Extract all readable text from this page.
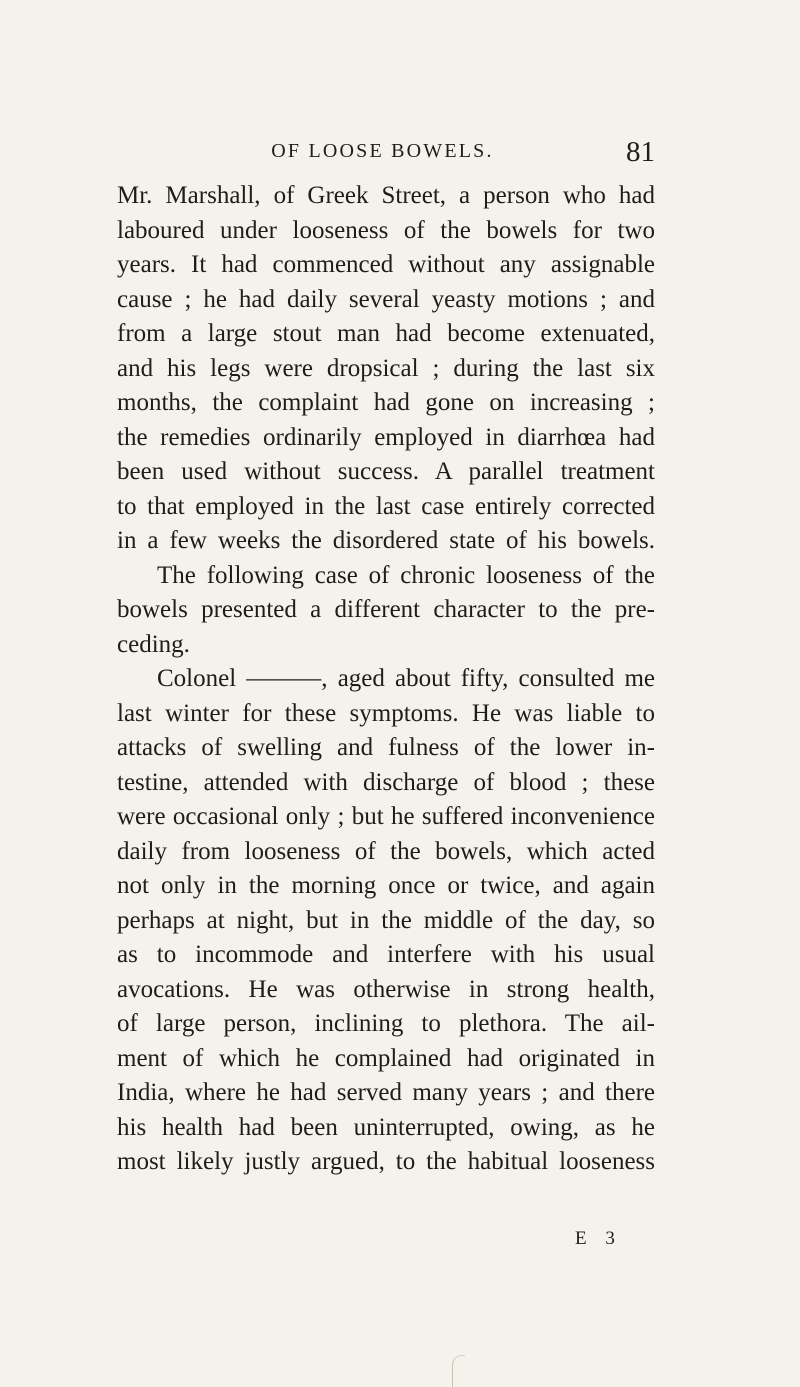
OF LOOSE BOWELS.	81
Mr. Marshall, of Greek Street, a person who had
laboured under looseness of the bowels for two
years. It had commenced without any assignable
cause ; he had daily several yeasty motions ; and
from a large stout man had become extenuated,
and his legs were dropsical ; during the last six
months, the complaint had gone on increasing ;
the remedies ordinarily employed in diarrhœa had
been used without success. A parallel treatment
to that employed in the last case entirely corrected
in a few weeks the disordered state of his bowels.
The following case of chronic looseness of the
bowels presented a different character to the pre-
ceding.
Colonel ———, aged about fifty, consulted me
last winter for these symptoms. He was liable to
attacks of swelling and fulness of the lower in-
testine, attended with discharge of blood ; these
were occasional only ; but he suffered inconvenience
daily from looseness of the bowels, which acted
not only in the morning once or twice, and again
perhaps at night, but in the middle of the day, so
as to incommode and interfere with his usual
avocations. He was otherwise in strong health,
of large person, inclining to plethora. The ail-
ment of which he complained had originated in
India, where he had served many years ; and there
his health had been uninterrupted, owing, as he
most likely justly argued, to the habitual looseness
E 3
